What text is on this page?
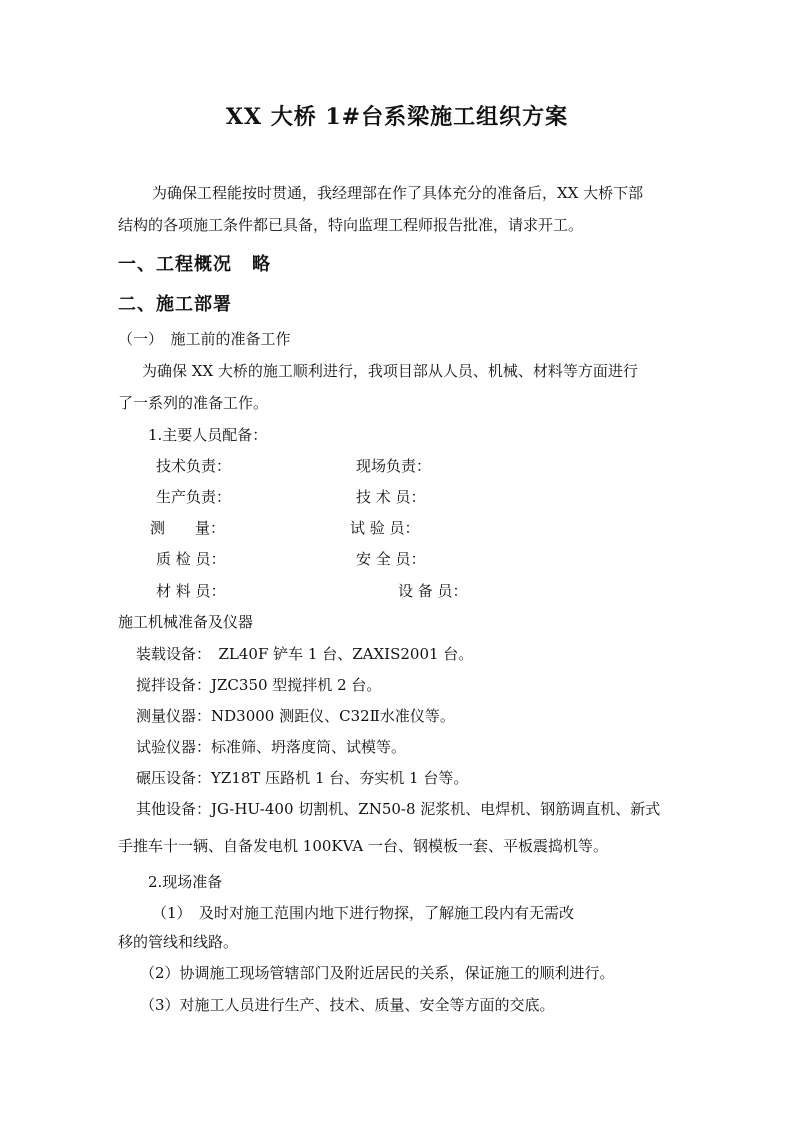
XX 大桥 1#台系梁施工组织方案
为确保工程能按时贯通，我经理部在作了具体充分的准备后，XX 大桥下部
结构的各项施工条件都已具备，特向监理工程师报告批准，请求开工。
一、工程概况 略
二、施工部署
（一）　施工前的准备工作
为确保 XX 大桥的施工顺利进行，我项目部从人员、机械、材料等方面进行
了一系列的准备工作。
1.主要人员配备：
技术负责：	现场负责：
生产负责：	技 术 员：
测　　量：	试 验 员：
质 检 员：	安 全 员：
材 料 员：	设 备 员：
施工机械准备及仪器
装载设备：　ZL40F 铲车 1 台、ZAXIS2001 台。
搅拌设备：JZC350 型搅拌机 2 台。
测量仪器：ND3000 测距仪、C32Ⅱ水准仪等。
试验仪器：标准筛、坍落度筒、试模等。
碾压设备：YZ18T 压路机 1 台、夯实机 1 台等。
其他设备：JG-HU-400 切割机、ZN50-8 泥浆机、电焊机、钢筋调直机、新式
手推车十一辆、自备发电机 100KVA 一台、钢模板一套、平板震捣机等。
2.现场准备
（1）　及时对施工范围内地下进行物探，了解施工段内有无需改
移的管线和线路。
（2）协调施工现场管辖部门及附近居民的关系，保证施工的顺利进行。
（3）对施工人员进行生产、技术、质量、安全等方面的交底。
